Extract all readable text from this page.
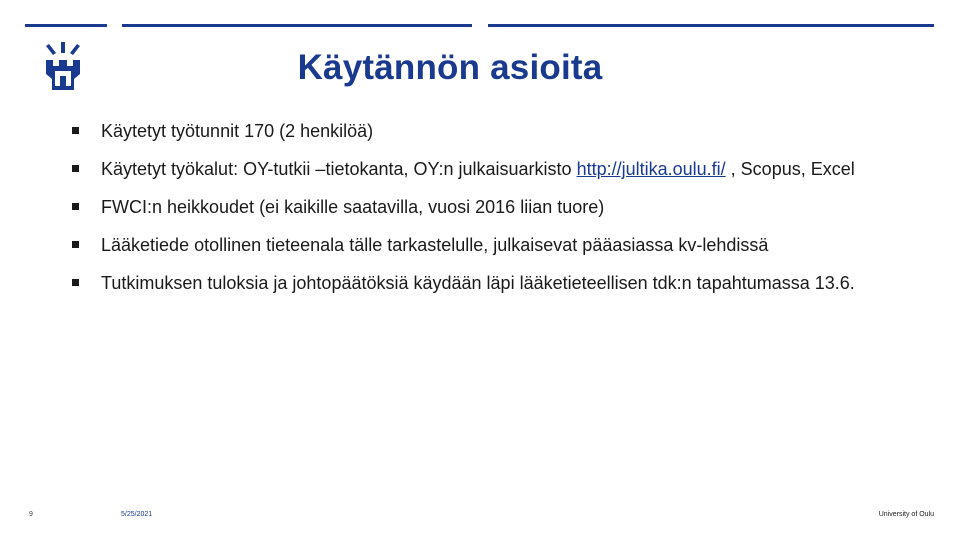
Käytännön asioita
Käytetyt työtunnit 170 (2 henkilöä)
Käytetyt työkalut: OY-tutkii –tietokanta, OY:n julkaisuarkisto http://jultika.oulu.fi/ , Scopus, Excel
FWCI:n heikkoudet (ei kaikille saatavilla, vuosi 2016 liian tuore)
Lääketiede otollinen tieteenala tälle tarkastelulle, julkaisevat pääasiassa kv-lehdissä
Tutkimuksen tuloksia ja johtopäätöksiä käydään läpi lääketieteellisen tdk:n tapahtumassa 13.6.
9	5/25/2021	University of Oulu
